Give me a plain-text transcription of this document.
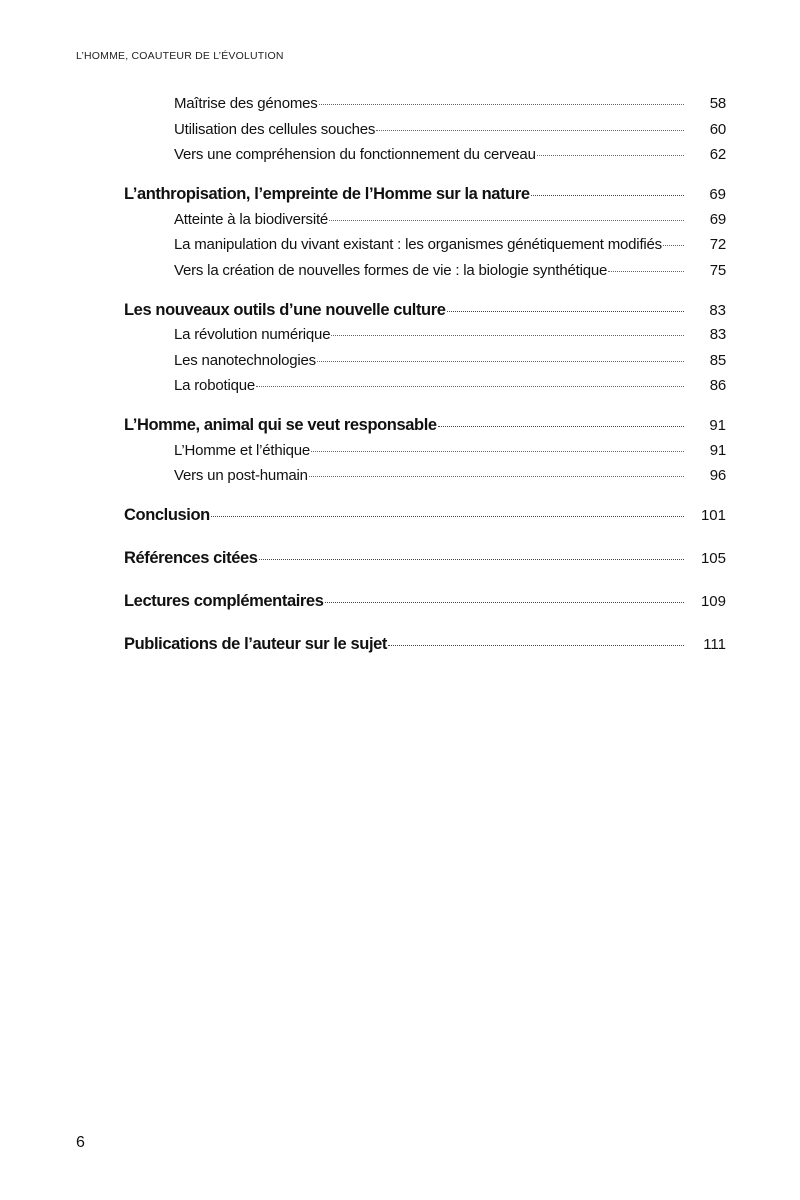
L’HOMME, COAUTEUR DE L’ÉVOLUTION
Maîtrise des génomes	58
Utilisation des cellules souches	60
Vers une compréhension du fonctionnement du cerveau	62
L’anthropisation, l’empreinte de l’Homme sur la nature	69
Atteinte à la biodiversité	69
La manipulation du vivant existant : les organismes génétiquement modifiés	72
Vers la création de nouvelles formes de vie : la biologie synthétique	75
Les nouveaux outils d’une nouvelle culture	83
La révolution numérique	83
Les nanotechnologies	85
La robotique	86
L’Homme, animal qui se veut responsable	91
L’Homme et l’éthique	91
Vers un post-humain	96
Conclusion	101
Références citées	105
Lectures complémentaires	109
Publications de l’auteur sur le sujet	111
6
